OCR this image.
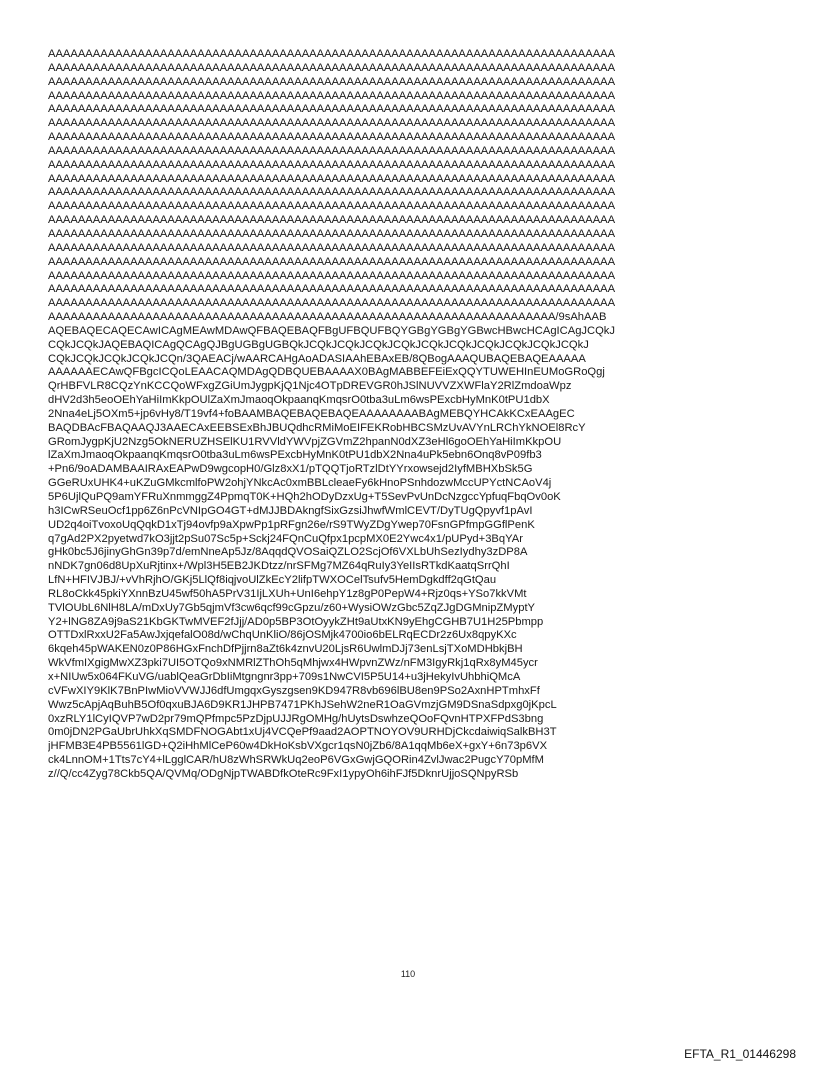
AAAAAAAAAAAAAAAAAAAAAAAAAAAAAAAAAAAAAAAAAAAAAAAAAAAAAAAAAAAAAAAAAAAAAAAAAAAA
AAAAAAAAAAAAAAAAAAAAAAAAAAAAAAAAAAAAAAAAAAAAAAAAAAAAAAAAAAAAAAAAAAAAAAAAAAAA
AAAAAAAAAAAAAAAAAAAAAAAAAAAAAAAAAAAAAAAAAAAAAAAAAAAAAAAAAAAAAAAAAAAAAAAAAAAA
AAAAAAAAAAAAAAAAAAAAAAAAAAAAAAAAAAAAAAAAAAAAAAAAAAAAAAAAAAAAAAAAAAAAAAAAAAAA
AAAAAAAAAAAAAAAAAAAAAAAAAAAAAAAAAAAAAAAAAAAAAAAAAAAAAAAAAAAAAAAAAAAAAAAAAAAA
AAAAAAAAAAAAAAAAAAAAAAAAAAAAAAAAAAAAAAAAAAAAAAAAAAAAAAAAAAAAAAAAAAAAAAAAAAAA
AAAAAAAAAAAAAAAAAAAAAAAAAAAAAAAAAAAAAAAAAAAAAAAAAAAAAAAAAAAAAAAAAAAAAAAAAAAA
AAAAAAAAAAAAAAAAAAAAAAAAAAAAAAAAAAAAAAAAAAAAAAAAAAAAAAAAAAAAAAAAAAAAAAAAAAAA
AAAAAAAAAAAAAAAAAAAAAAAAAAAAAAAAAAAAAAAAAAAAAAAAAAAAAAAAAAAAAAAAAAAAAAAAAAAA
AAAAAAAAAAAAAAAAAAAAAAAAAAAAAAAAAAAAAAAAAAAAAAAAAAAAAAAAAAAAAAAAAAAAAAAAAAAA
AAAAAAAAAAAAAAAAAAAAAAAAAAAAAAAAAAAAAAAAAAAAAAAAAAAAAAAAAAAAAAAAAAAAAAAAAAAA
AAAAAAAAAAAAAAAAAAAAAAAAAAAAAAAAAAAAAAAAAAAAAAAAAAAAAAAAAAAAAAAAAAAAAAAAAAAA
AAAAAAAAAAAAAAAAAAAAAAAAAAAAAAAAAAAAAAAAAAAAAAAAAAAAAAAAAAAAAAAAAAAAAAAAAAAA
AAAAAAAAAAAAAAAAAAAAAAAAAAAAAAAAAAAAAAAAAAAAAAAAAAAAAAAAAAAAAAAAAAAAAAAAAAAA
AAAAAAAAAAAAAAAAAAAAAAAAAAAAAAAAAAAAAAAAAAAAAAAAAAAAAAAAAAAAAAAAAAAAAAAAAAAA
AAAAAAAAAAAAAAAAAAAAAAAAAAAAAAAAAAAAAAAAAAAAAAAAAAAAAAAAAAAAAAAAAAAAAAAAAAAA
AAAAAAAAAAAAAAAAAAAAAAAAAAAAAAAAAAAAAAAAAAAAAAAAAAAAAAAAAAAAAAAAAAAAAAAAAAAA
AAAAAAAAAAAAAAAAAAAAAAAAAAAAAAAAAAAAAAAAAAAAAAAAAAAAAAAAAAAAAAAAAAAAAAAAAAAA
AAAAAAAAAAAAAAAAAAAAAAAAAAAAAAAAAAAAAAAAAAAAAAAAAAAAAAAAAAAAAAAAAAAAAAAAAAAA
AAAAAAAAAAAAAAAAAAAAAAAAAAAAAAAAAAAAAAAAAAAAAAAAAAAAAAAAAAAAAAAAAAAA/9sAhAAB
AQEBAQECAQECAwICAgMEAwMDAwQFBAQEBAQFBgUFBQUFBQYGBgYGBgYGBwcHBwcHCAgICAgJCQkJ
CQkJCQkJAQEBAQICAgQCAgQJBgUGBgUGBQkJCQkJCQkJCQkJCQkJCQkJCQkJCQkJCQkJCQkJCQkJ
CQkJCQkJCQkJCQkJCQn/3QAEACj/wAARCAHgAoADASIAAhEBAxEB/8QBogAAAQUBAQEBAQEAAAAA
AAAAAAECAwQFBgcICQoLEAACAQMDAgQDBQUEBAAAAX0BAgMABBEFEiExQQYTUWEHInEUMoGRoQgj
QrHBFVLR8CQzYnKCCQoWFxgZGiUmJygpKjQ1Njc4OTpDREVGR0hJSlNUVVZXWFlaY2RlZmdoaWpz
dHV2d3h5eoOEhYaHiImKkpOUlZaXmJmaoqOkpaanqKmqsrO0tba3uLm6wsPExcbHyMnK0tPU1dbX
2Nna4eLj5OXm5+jp6vHy8/T19vf4+foBAAMBAQEBAQEBAQEAAAAAAAABAgMEBQYHCAkKCxEAAgEC
BAQDBAcFBAQAAQJ3AAECAxEEBSExBhJBUQdhcRMiMoEIFEKRobHBCSMzUvAVYnLRChYkNOEl8RcY
GRomJygpKjU2Nzg5OkNERUZHSElKU1RVVldYWVpjZGVmZ2hpanN0dXZ3eHl6goOEhYaHiImKkpOU
lZaXmJmaoqOkpaanqKmqsrO0tba3uLm6wsPExcbHyMnK0tPU1dbX2Nna4uPk5ebn6Onq8vP09fb3
+Pn6/9oADAMBAAIRAxEAPwD9wgcopH0/Glz8xX1/pTQQTjoRTzlDtYYrxowsejd2IyfMBHXbSk5G
GGeRUxUHK4+uKZuGMkcmlfoPW2ohjYNkcAc0xmBBLcleaeFy6kHnoPSnhdozwMccUPYctNCAoV4j
5P6UjlQuPQ9amYFRuXnmmggZ4PpmqT0K+HQh2hODyDzxUg+T5SevPvUnDcNzgccYpfuqFbqOv0oK
h3ICwRSeuOcf1pp6Z6nPcVNIpGO4GT+dMJJBDAkngfSixGzsiJhwfWmlCEVT/DyTUgQpyvf1pAvI
UD2q4oiTvoxoUqQqkD1xTj94ovfp9aXpwPp1pRFgn26e/rS9TWyZDgYwep70FsnGPfmpGGflPenK
q7gAd2PX2pyetwd7kO3jjt2pSu07Sc5p+Sckj24FQnCuQfpx1pcpMX0E2Ywc4x1/pUPyd+3BqYAr
gHk0bc5J6jinyGhGn39p7d/emNneAp5Jz/8AqqdQVOSaiQZLO2ScjOf6VXLbUhSezIydhy3zDP8A
nNDK7gn06d8UpXuRjtinx+/Wpl3H5EB2JKDtzz/nrSFMg7MZ64qRuIy3YeIIsRTkdKaatqSrrQhI
LfN+HFIVJBJ/+vVhRjhO/GKj5LlQf8iqjvoUlZkEcY2lifpTWXOCelTsufv5HemDgkdff2qGtQau
RL8oCkk45pkiYXnnBzU45wf50hA5PrV31IjLXUh+UnI6ehpY1z8gP0PepW4+Rjz0qs+YSo7kkVMt
TVlOUbL6NlH8LA/mDxUy7Gb5qjmVf3cw6qcf99cGpzu/z60+WysiOWzGbc5ZqZJgDGMnipZMyptY
Y2+lNG8ZA9j9aS21KbGKTwMVEF2fJjj/AD0p5BP3OtOyykZHt9aUtxKN9yEhgCGHB7U1H25Pbmpp
OTTDxlRxxU2Fa5AwJxjqefalO08d/wChqUnKliO/86jOSMjk4700io6bELRqECDr2z6Ux8qpyKXc
6kqeh45pWAKEN0z0P86HGxFnchDfPjjrn8aZt6k4znvU20LjsR6UwlmDJj73enLsjTXoMDHbkjBH
WkVfmIXgigMwXZ3pki7UI5OTQo9xNMRlZThOh5qMhjwx4HWpvnZWz/nFM3IgyRkj1qRx8yM45ycr
x+NIUw5x064FKuVG/uablQeaGrDbIiMtgngnr3pp+709s1NwCVI5P5U14+u3jHekyIvUhbhiQMcA
cVFwXIY9KlK7BnPIwMioVVWJJ6dfUmgqxGyszgsen9KD947R8vb696lBU8en9PSo2AxnHPTmhxFf
Wwz5cApjAqBuhB5Of0qxuBJA6D9KR1JHPB7471PKhJSehW2neR1OaGVmzjGM9DSnaSdpxg0jKpcL
0xzRLY1lCyIQVP7wD2pr79mQPfmpc5PzDjpUJJRgOMHg/hUytsDswhzeQOoFQvnHTPXFPdS3bng
0m0jDN2PGaUbrUhkXqSMDFNOGAbt1xUj4VCQePf9aad2AOPTNOYOV9URHDjCkcdaiwiqSalkBH3T
jHFMB3E4PB5561lGD+Q2iHhMlCeP60w4DkHoKsbVXgcr1qsN0jZb6/8A1qqMb6eX+gxY+6n73p6VX
ck4LnnOM+1Tts7cY4+lLgglCAR/hU8zWhSRWkUq2eoP6VGxGwjGQORin4ZvlJwac2PugcY70pMfM
z//Q/cc4Zyg78Ckb5QA/QVMq/ODgNjpTWABDfkOteRc9FxI1ypyOh6ihFJf5DknrUjjoSQNpyRSb
110
EFTA_R1_01446298
